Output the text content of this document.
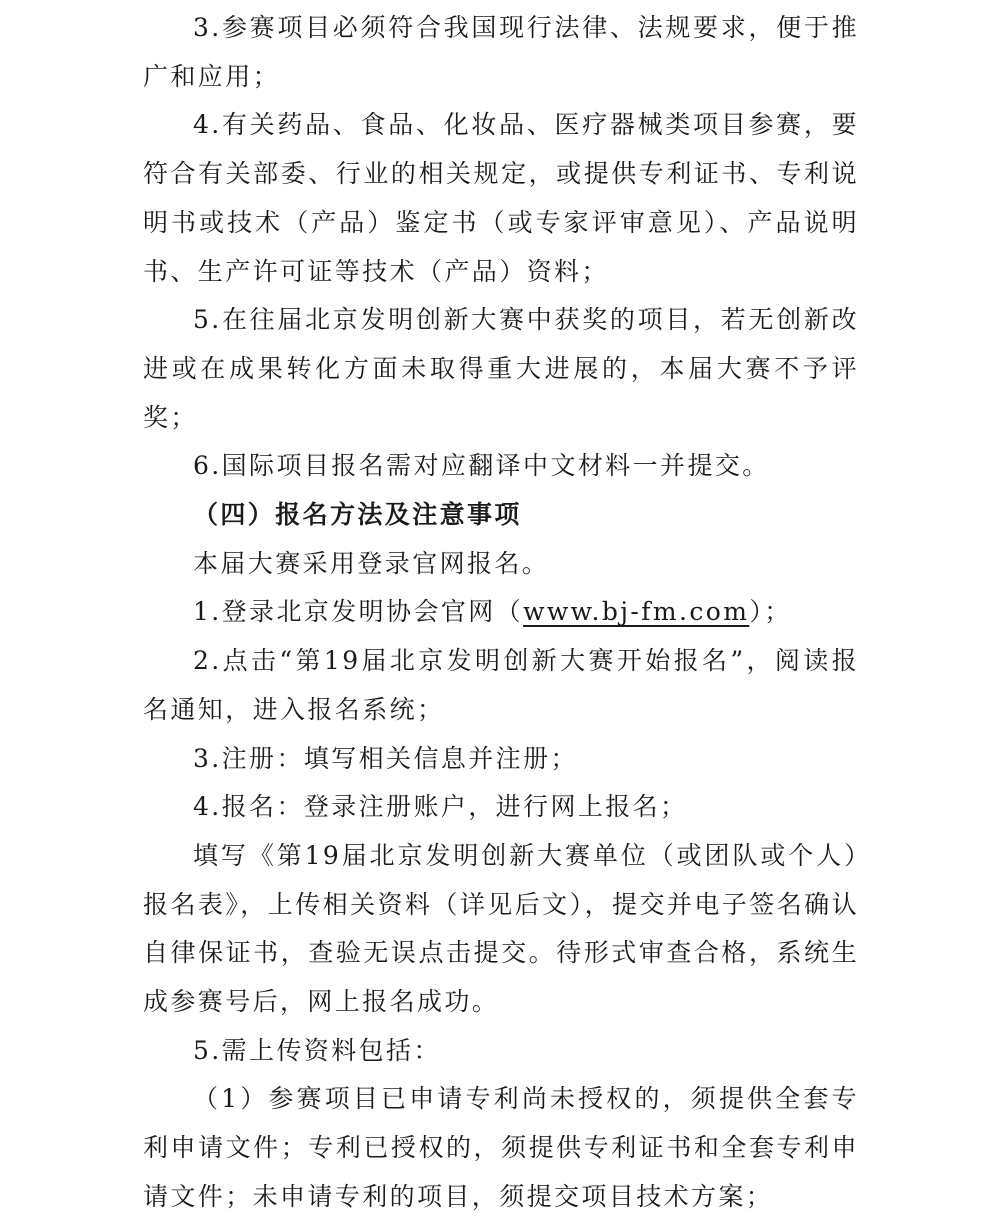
3.参赛项目必须符合我国现行法律、法规要求，便于推广和应用；

4.有关药品、食品、化妆品、医疗器械类项目参赛，要符合有关部委、行业的相关规定，或提供专利证书、专利说明书或技术（产品）鉴定书（或专家评审意见）、产品说明书、生产许可证等技术（产品）资料；

5.在往届北京发明创新大赛中获奖的项目，若无创新改进或在成果转化方面未取得重大进展的，本届大赛不予评奖；

6.国际项目报名需对应翻译中文材料一并提交。

（四）报名方法及注意事项

本届大赛采用登录官网报名。

1.登录北京发明协会官网（www.bj-fm.com）；

2.点击“第19届北京发明创新大赛开始报名”，阅读报名通知，进入报名系统；

3.注册：填写相关信息并注册；

4.报名：登录注册账户，进行网上报名；

填写《第19届北京发明创新大赛单位（或团队或个人）报名表》，上传相关资料（详见后文），提交并电子签名确认自律保证书，查验无误点击提交。待形式审查合格，系统生成参赛号后，网上报名成功。

5.需上传资料包括：

（1）参赛项目已申请专利尚未授权的，须提供全套专利申请文件；专利已授权的，须提供专利证书和全套专利申请文件；未申请专利的项目，须提交项目技术方案；
